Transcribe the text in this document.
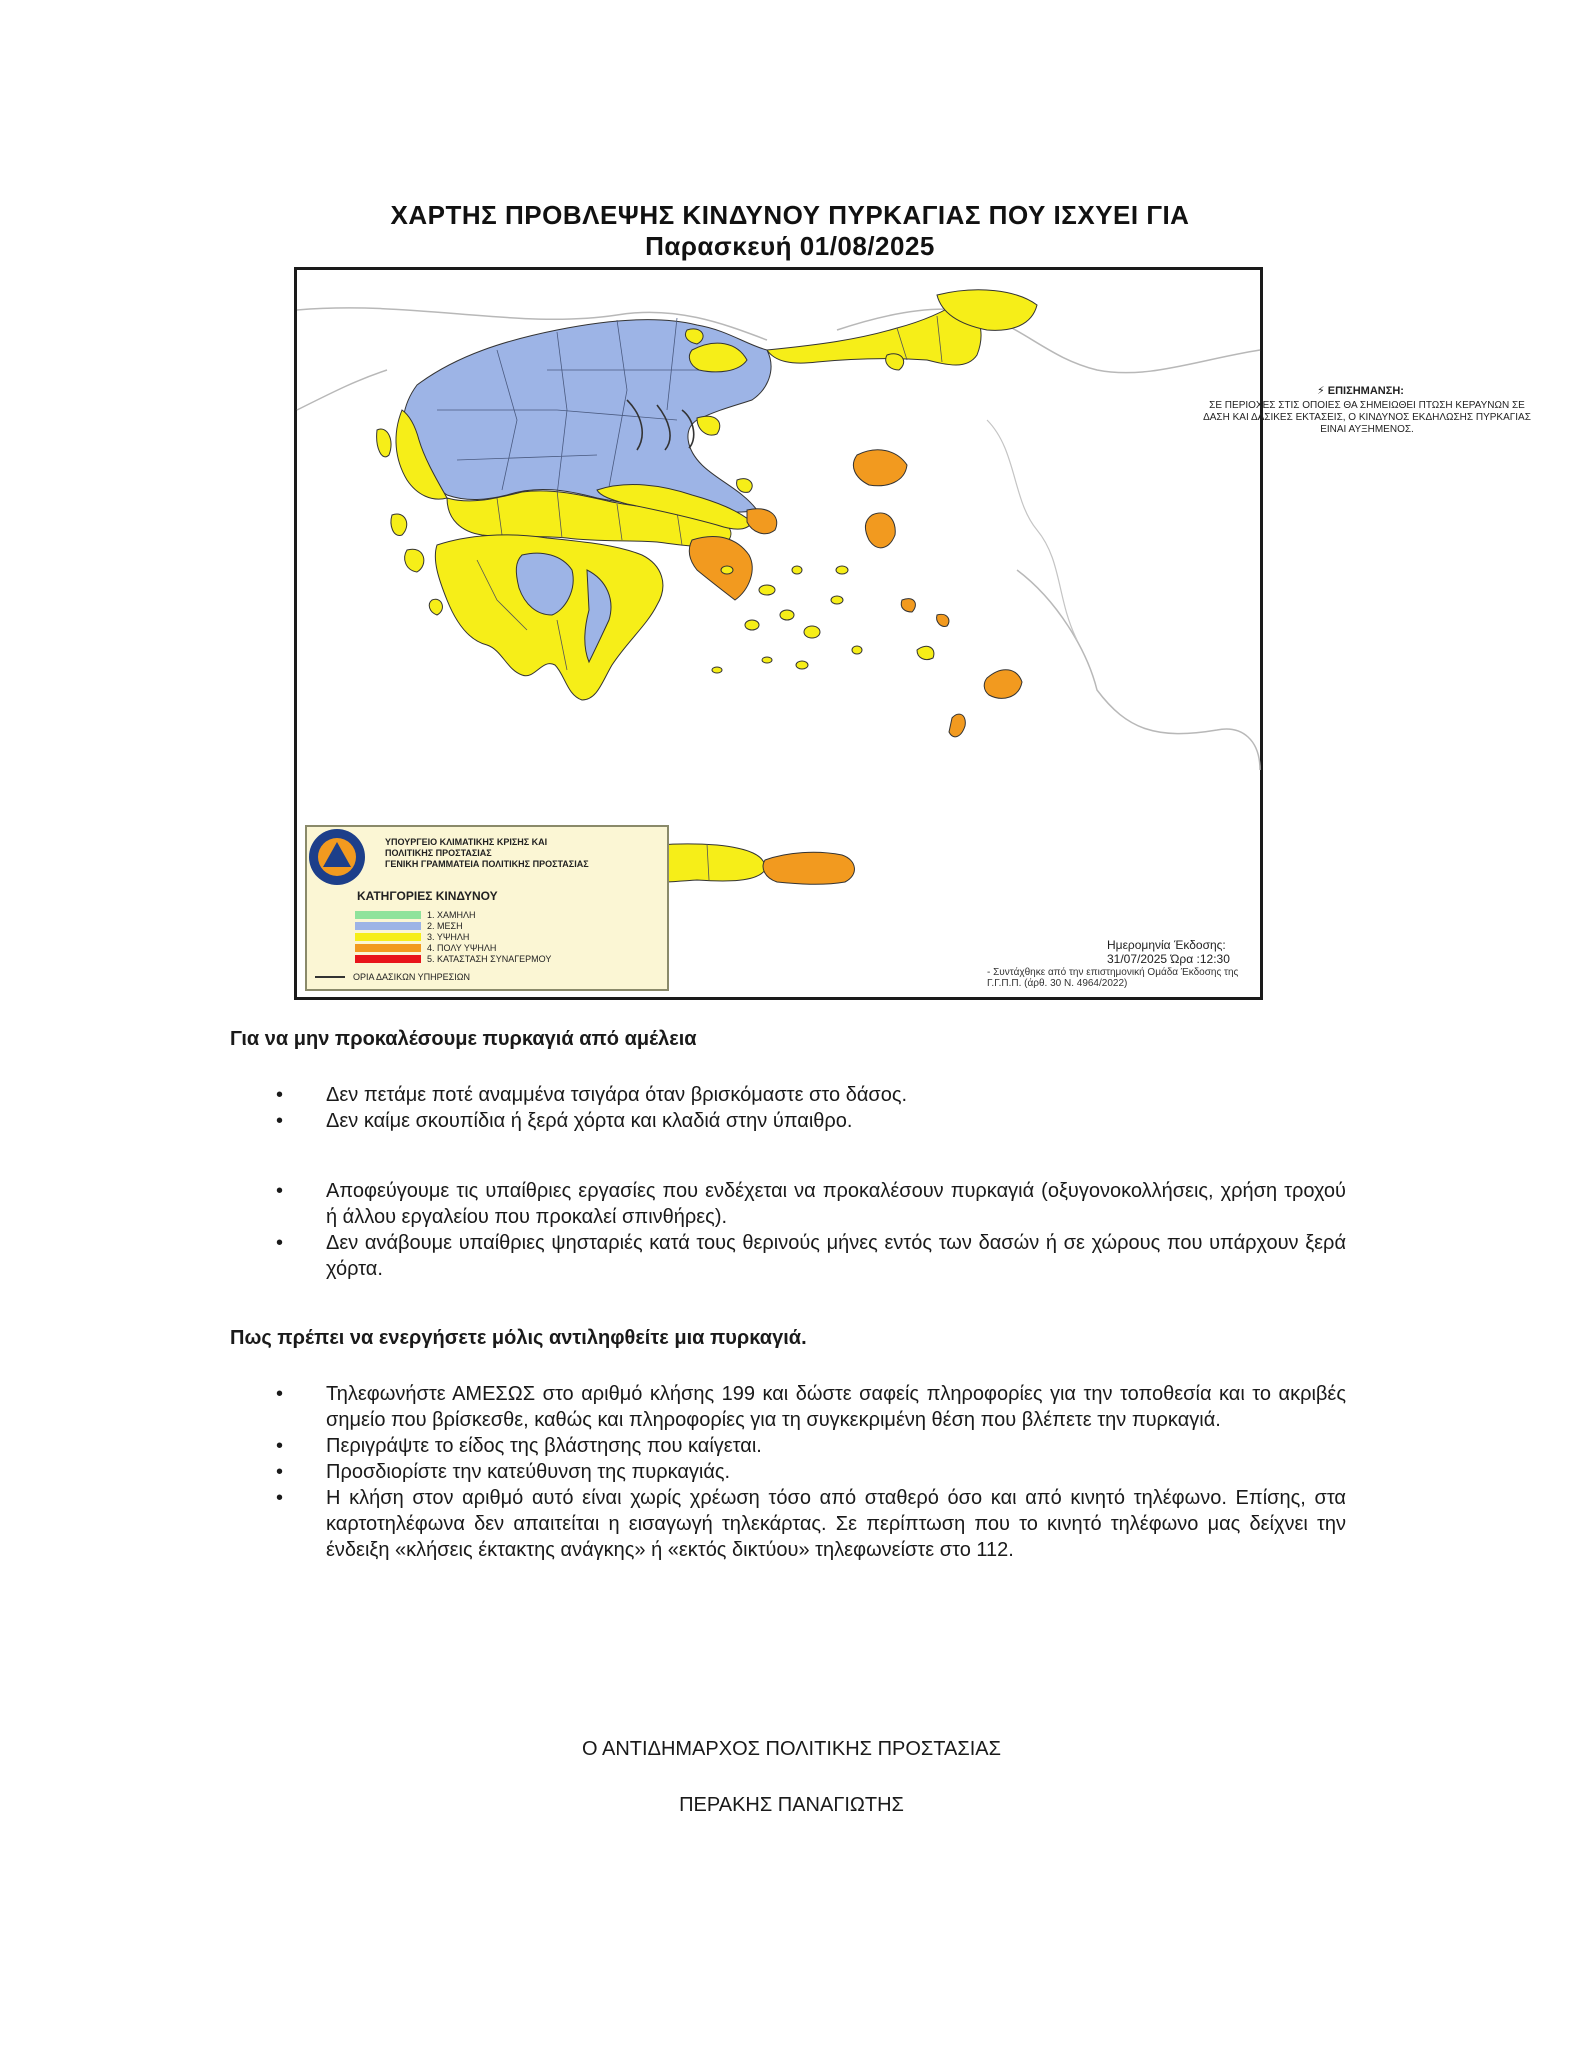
ΧΑΡΤΗΣ ΠΡΟΒΛΕΨΗΣ ΚΙΝΔΥΝΟΥ ΠΥΡΚΑΓΙΑΣ ΠΟΥ ΙΣΧΥΕΙ ΓΙΑ
Παρασκευή 01/08/2025
⚡ ΕΠΙΣΗΜΑΝΣΗ:
ΣΕ ΠΕΡΙΟΧΕΣ ΣΤΙΣ ΟΠΟΙΕΣ ΘΑ ΣΗΜΕΙΩΘΕΙ ΠΤΩΣΗ ΚΕΡΑΥΝΩΝ ΣΕ ΔΑΣΗ ΚΑΙ ΔΑΣΙΚΕΣ ΕΚΤΑΣΕΙΣ, Ο ΚΙΝΔΥΝΟΣ ΕΚΔΗΛΩΣΗΣ ΠΥΡΚΑΓΙΑΣ ΕΙΝΑΙ ΑΥΞΗΜΕΝΟΣ.
ΥΠΟΥΡΓΕΙΟ ΚΛΙΜΑΤΙΚΗΣ ΚΡΙΣΗΣ ΚΑΙ
ΠΟΛΙΤΙΚΗΣ ΠΡΟΣΤΑΣΙΑΣ
ΓΕΝΙΚΗ ΓΡΑΜΜΑΤΕΙΑ ΠΟΛΙΤΙΚΗΣ ΠΡΟΣΤΑΣΙΑΣ
ΚΑΤΗΓΟΡΙΕΣ ΚΙΝΔΥΝΟΥ
1. ΧΑΜΗΛΗ
2. ΜΕΣΗ
3. ΥΨΗΛΗ
4. ΠΟΛΥ ΥΨΗΛΗ
5. ΚΑΤΑΣΤΑΣΗ ΣΥΝΑΓΕΡΜΟΥ
ΟΡΙΑ ΔΑΣΙΚΩΝ ΥΠΗΡΕΣΙΩΝ
Ημερομηνία Έκδοσης: 31/07/2025 Ώρα :12:30
- Συντάχθηκε από την επιστημονική Ομάδα Έκδοσης της Γ.Γ.Π.Π. (άρθ. 30 Ν. 4964/2022)
Για να μην προκαλέσουμε πυρκαγιά από αμέλεια
• Δεν πετάμε ποτέ αναμμένα τσιγάρα όταν βρισκόμαστε στο δάσος.
• Δεν καίμε σκουπίδια ή ξερά χόρτα και κλαδιά στην ύπαιθρο.
• Αποφεύγουμε τις υπαίθριες εργασίες που ενδέχεται να προκαλέσουν πυρκαγιά (οξυγονοκολλήσεις, χρήση τροχού ή άλλου εργαλείου που προκαλεί σπινθήρες).
• Δεν ανάβουμε υπαίθριες ψησταριές κατά τους θερινούς μήνες εντός των δασών ή σε χώρους που υπάρχουν ξερά χόρτα.
Πως πρέπει να ενεργήσετε μόλις αντιληφθείτε μια πυρκαγιά.
• Τηλεφωνήστε ΑΜΕΣΩΣ στο αριθμό κλήσης 199 και δώστε σαφείς πληροφορίες για την τοποθεσία και το ακριβές σημείο που βρίσκεσθε, καθώς και πληροφορίες για τη συγκεκριμένη θέση που βλέπετε την πυρκαγιά.
• Περιγράψτε το είδος της βλάστησης που καίγεται.
• Προσδιορίστε την κατεύθυνση της πυρκαγιάς.
• Η κλήση στον αριθμό αυτό είναι χωρίς χρέωση τόσο από σταθερό όσο και από κινητό τηλέφωνο. Επίσης, στα καρτοτηλέφωνα δεν απαιτείται η εισαγωγή τηλεκάρτας. Σε περίπτωση που το κινητό τηλέφωνο μας δείχνει την ένδειξη «κλήσεις έκτακτης ανάγκης» ή «εκτός δικτύου» τηλεφωνείστε στο 112.
Ο ΑΝΤΙΔΗΜΑΡΧΟΣ ΠΟΛΙΤΙΚΗΣ ΠΡΟΣΤΑΣΙΑΣ
ΠΕΡΑΚΗΣ ΠΑΝΑΓΙΩΤΗΣ
